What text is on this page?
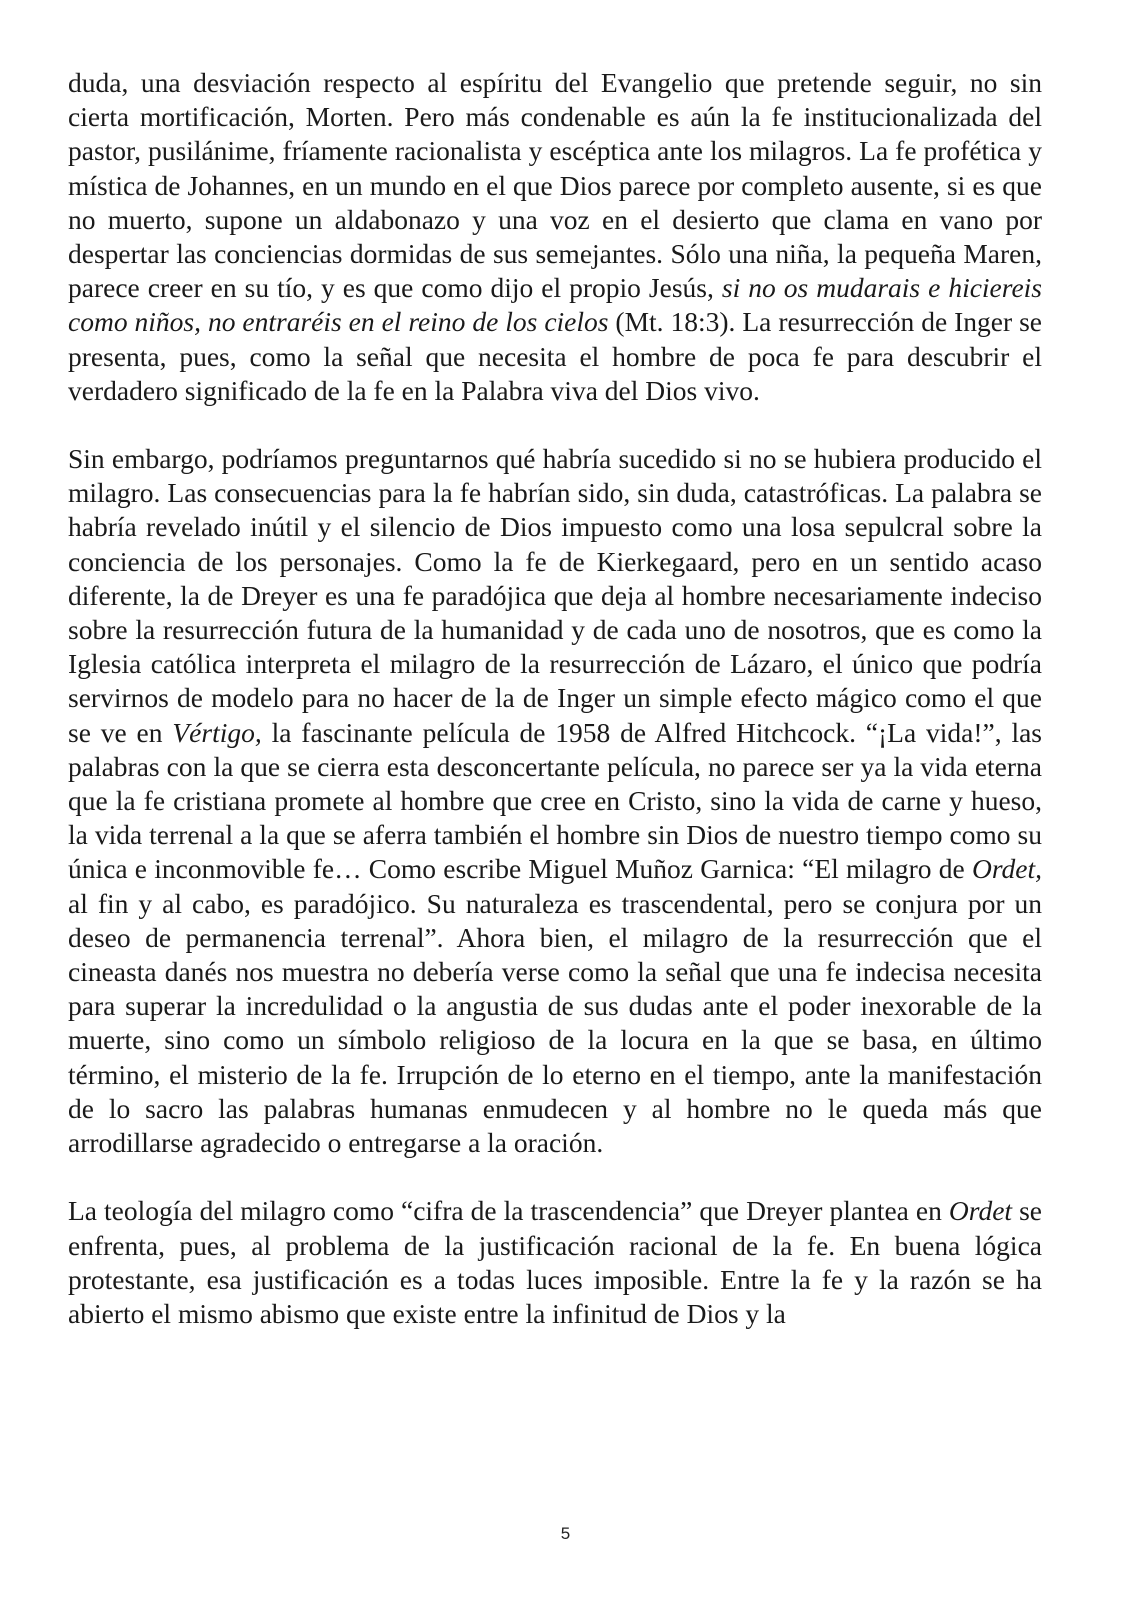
duda, una desviación respecto al espíritu del Evangelio que pretende seguir, no sin cierta mortificación, Morten. Pero más condenable es aún la fe institucionalizada del pastor, pusilánime, fríamente racionalista y escéptica ante los milagros. La fe profética y mística de Johannes, en un mundo en el que Dios parece por completo ausente, si es que no muerto, supone un aldabonazo y una voz en el desierto que clama en vano por despertar las conciencias dormidas de sus semejantes. Sólo una niña, la pequeña Maren, parece creer en su tío, y es que como dijo el propio Jesús, si no os mudarais e hiciereis como niños, no entraréis en el reino de los cielos (Mt. 18:3). La resurrección de Inger se presenta, pues, como la señal que necesita el hombre de poca fe para descubrir el verdadero significado de la fe en la Palabra viva del Dios vivo.

Sin embargo, podríamos preguntarnos qué habría sucedido si no se hubiera producido el milagro. Las consecuencias para la fe habrían sido, sin duda, catastróficas. La palabra se habría revelado inútil y el silencio de Dios impuesto como una losa sepulcral sobre la conciencia de los personajes. Como la fe de Kierkegaard, pero en un sentido acaso diferente, la de Dreyer es una fe paradójica que deja al hombre necesariamente indeciso sobre la resurrección futura de la humanidad y de cada uno de nosotros, que es como la Iglesia católica interpreta el milagro de la resurrección de Lázaro, el único que podría servirnos de modelo para no hacer de la de Inger un simple efecto mágico como el que se ve en Vértigo, la fascinante película de 1958 de Alfred Hitchcock. “¡La vida!”, las palabras con la que se cierra esta desconcertante película, no parece ser ya la vida eterna que la fe cristiana promete al hombre que cree en Cristo, sino la vida de carne y hueso, la vida terrenal a la que se aferra también el hombre sin Dios de nuestro tiempo como su única e inconmovible fe… Como escribe Miguel Muñoz Garnica: “El milagro de Ordet, al fin y al cabo, es paradójico. Su naturaleza es trascendental, pero se conjura por un deseo de permanencia terrenal”. Ahora bien, el milagro de la resurrección que el cineasta danés nos muestra no debería verse como la señal que una fe indecisa necesita para superar la incredulidad o la angustia de sus dudas ante el poder inexorable de la muerte, sino como un símbolo religioso de la locura en la que se basa, en último término, el misterio de la fe. Irrupción de lo eterno en el tiempo, ante la manifestación de lo sacro las palabras humanas enmudecen y al hombre no le queda más que arrodillarse agradecido o entregarse a la oración.

La teología del milagro como “cifra de la trascendencia” que Dreyer plantea en Ordet se enfrenta, pues, al problema de la justificación racional de la fe. En buena lógica protestante, esa justificación es a todas luces imposible. Entre la fe y la razón se ha abierto el mismo abismo que existe entre la infinitud de Dios y la

5
